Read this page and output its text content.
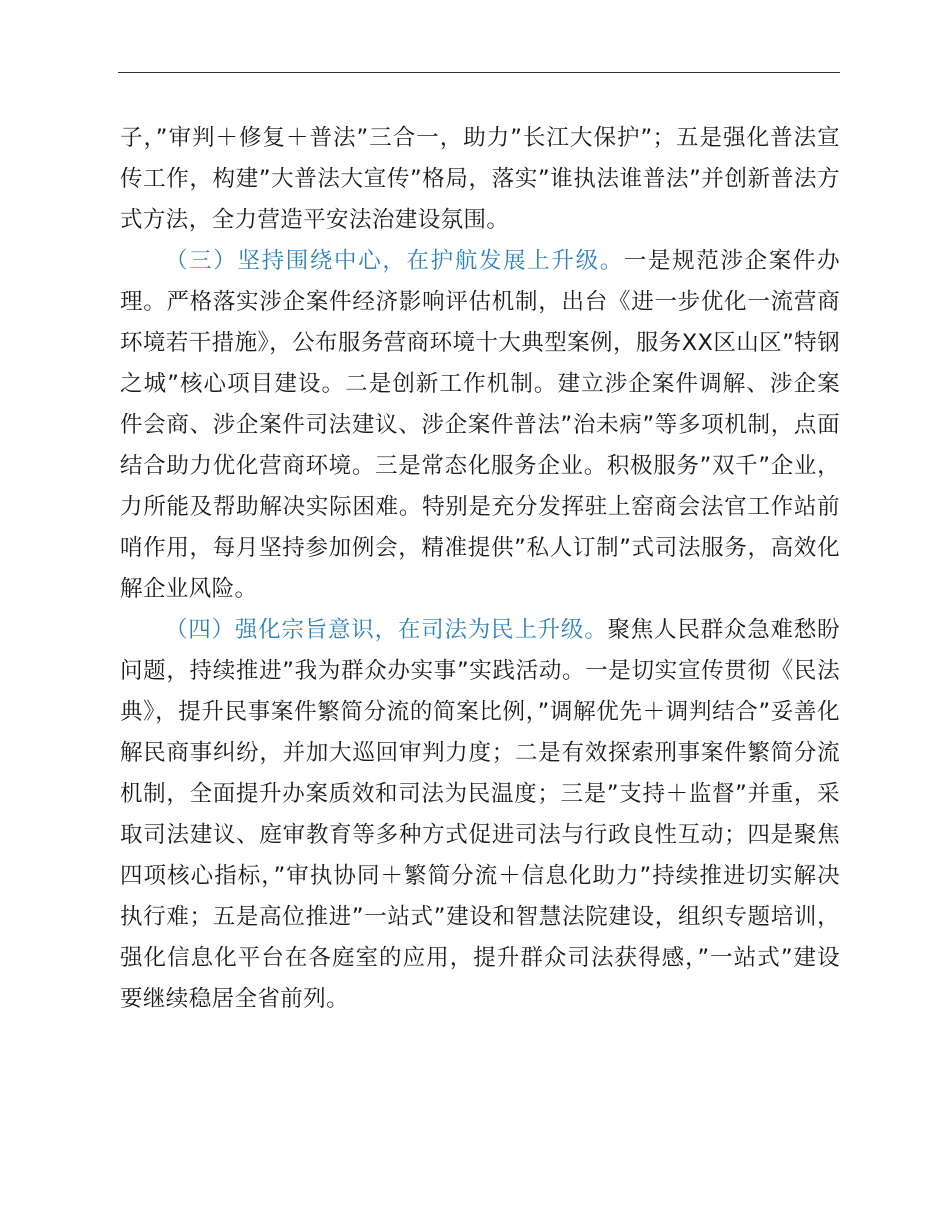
子，”审判＋修复＋普法”三合一，助力”长江大保护”；五是强化普法宣传工作，构建”大普法大宣传”格局，落实”谁执法谁普法”并创新普法方式方法，全力营造平安法治建设氛围。

（三）坚持围绕中心，在护航发展上升级。一是规范涉企案件办理。严格落实涉企案件经济影响评估机制，出台《进一步优化一流营商环境若干措施》，公布服务营商环境十大典型案例，服务XX区山区”特钢之城”核心项目建设。二是创新工作机制。建立涉企案件调解、涉企案件会商、涉企案件司法建议、涉企案件普法”治未病”等多项机制，点面结合助力优化营商环境。三是常态化服务企业。积极服务”双千”企业，力所能及帮助解决实际困难。特别是充分发挥驻上窑商会法官工作站前哨作用，每月坚持参加例会，精准提供”私人订制”式司法服务，高效化解企业风险。

（四）强化宗旨意识，在司法为民上升级。聚焦人民群众急难愁盼问题，持续推进”我为群众办实事”实践活动。一是切实宣传贯彻《民法典》，提升民事案件繁简分流的简案比例，”调解优先＋调判结合”妥善化解民商事纠纷，并加大巡回审判力度；二是有效探索刑事案件繁简分流机制，全面提升办案质效和司法为民温度；三是”支持＋监督”并重，采取司法建议、庭审教育等多种方式促进司法与行政良性互动；四是聚焦四项核心指标，”审执协同＋繁简分流＋信息化助力”持续推进切实解决执行难；五是高位推进”一站式”建设和智慧法院建设，组织专题培训，强化信息化平台在各庭室的应用，提升群众司法获得感，”一站式”建设要继续稳居全省前列。
